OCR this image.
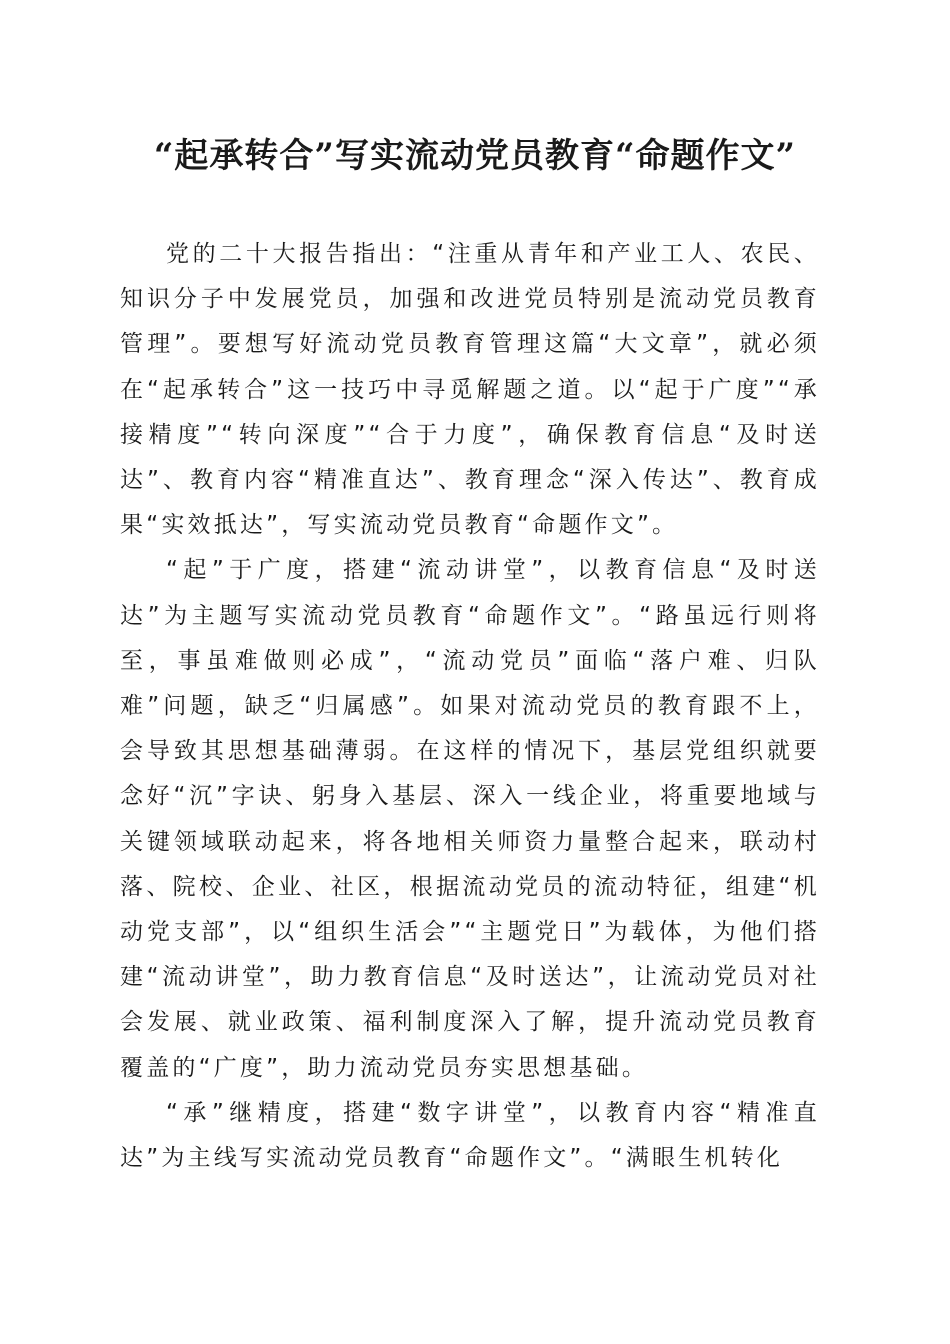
“起承转合”写实流动党员教育“命题作文”

党的二十大报告指出：“注重从青年和产业工人、农民、知识分子中发展党员，加强和改进党员特别是流动党员教育管理”。要想写好流动党员教育管理这篇“大文章”，就必须在“起承转合”这一技巧中寻觅解题之道。以“起于广度”“承接精度”“转向深度”“合于力度”，确保教育信息“及时送达”、教育内容“精准直达”、教育理念“深入传达”、教育成果“实效抵达”，写实流动党员教育“命题作文”。

“起”于广度，搭建“流动讲堂”，以教育信息“及时送达”为主题写实流动党员教育“命题作文”。“路虽远行则将至，事虽难做则必成”，“流动党员”面临“落户难、归队难”问题，缺乏“归属感”。如果对流动党员的教育跟不上，会导致其思想基础薄弱。在这样的情况下，基层党组织就要念好“沉”字诀、躬身入基层、深入一线企业，将重要地域与关键领域联动起来，将各地相关师资力量整合起来，联动村落、院校、企业、社区，根据流动党员的流动特征，组建“机动党支部”，以“组织生活会”“主题党日”为载体，为他们搭建“流动讲堂”，助力教育信息“及时送达”，让流动党员对社会发展、就业政策、福利制度深入了解，提升流动党员教育覆盖的“广度”，助力流动党员夯实思想基础。

“承”继精度，搭建“数字讲堂”，以教育内容“精准直达”为主线写实流动党员教育“命题作文”。“满眼生机转化
